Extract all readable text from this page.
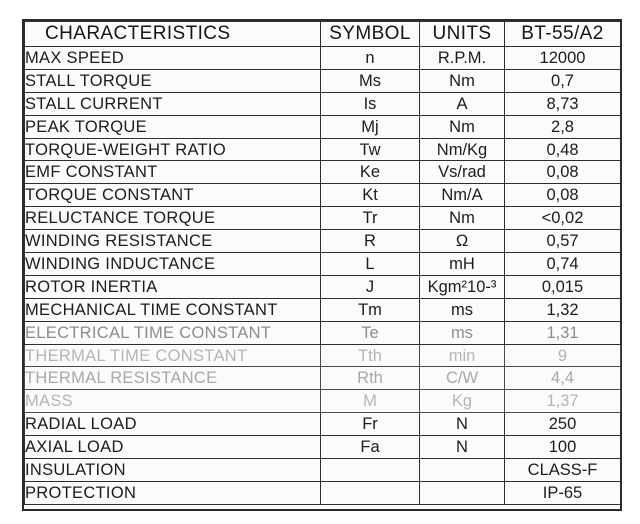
CHARACTERISTICS	SYMBOL	UNITS	BT-55/A2
MAX SPEED	n	R.P.M.	12000
STALL TORQUE	Ms	Nm	0,7
STALL CURRENT	Is	A	8,73
PEAK TORQUE	Mj	Nm	2,8
TORQUE-WEIGHT RATIO	Tw	Nm/Kg	0,48
EMF CONSTANT	Ke	Vs/rad	0,08
TORQUE CONSTANT	Kt	Nm/A	0,08
RELUCTANCE TORQUE	Tr	Nm	<0,02
WINDING RESISTANCE	R	Ω	0,57
WINDING INDUCTANCE	L	mH	0,74
ROTOR INERTIA	J	Kgm²10-³	0,015
MECHANICAL TIME CONSTANT	Tm	ms	1,32
ELECTRICAL TIME CONSTANT	Te	ms	1,31
THERMAL TIME CONSTANT	Tth	min	9
THERMAL RESISTANCE	Rth	C/W	4,4
MASS	M	Kg	1,37
RADIAL LOAD	Fr	N	250
AXIAL LOAD	Fa	N	100
INSULATION			CLASS-F
PROTECTION			IP-65
